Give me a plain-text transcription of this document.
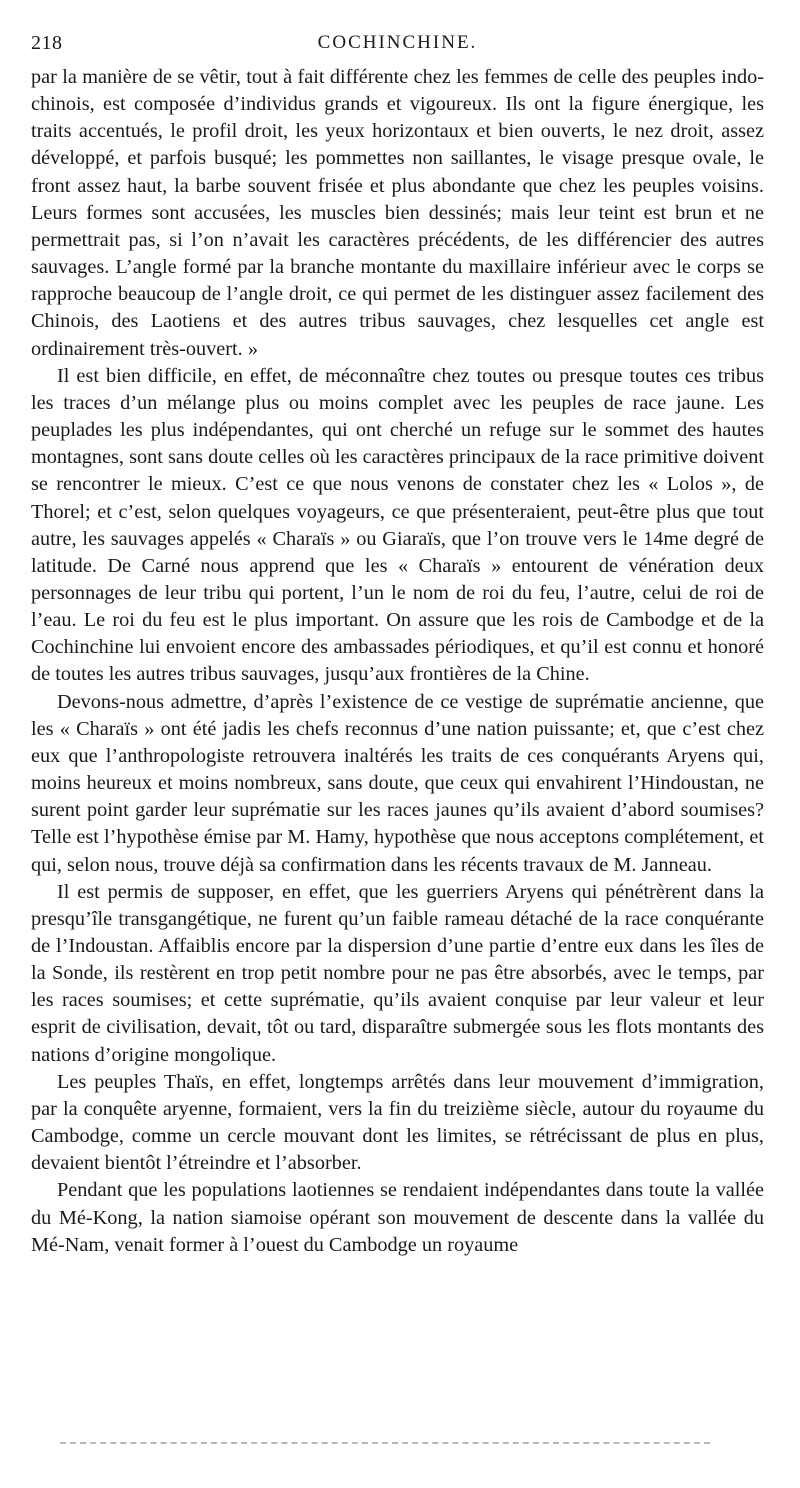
218	COCHINCHINE.

par la manière de se vêtir, tout à fait différente chez les femmes de celle des peuples indo-chinois, est composée d’individus grands et vigoureux. Ils ont la figure énergique, les traits accentués, le profil droit, les yeux horizontaux et bien ouverts, le nez droit, assez développé, et parfois busqué; les pommettes non saillantes, le visage presque ovale, le front assez haut, la barbe souvent frisée et plus abondante que chez les peuples voisins. Leurs formes sont accusées, les muscles bien dessinés; mais leur teint est brun et ne permettrait pas, si l’on n’avait les caractères précédents, de les différencier des autres sauvages. L’angle formé par la branche montante du maxillaire inférieur avec le corps se rapproche beaucoup de l’angle droit, ce qui permet de les distinguer assez facilement des Chinois, des Laotiens et des autres tribus sauvages, chez lesquelles cet angle est ordinairement très-ouvert. »

Il est bien difficile, en effet, de méconnaître chez toutes ou presque toutes ces tribus les traces d’un mélange plus ou moins complet avec les peuples de race jaune. Les peuplades les plus indépendantes, qui ont cherché un refuge sur le sommet des hautes montagnes, sont sans doute celles où les caractères principaux de la race primitive doivent se rencontrer le mieux. C’est ce que nous venons de constater chez les « Lolos », de Thorel; et c’est, selon quelques voyageurs, ce que présenteraient, peut-être plus que tout autre, les sauvages appelés « Charaïs » ou Giaraïs, que l’on trouve vers le 14me degré de latitude. De Carné nous apprend que les « Charaïs » entourent de vénération deux personnages de leur tribu qui portent, l’un le nom de roi du feu, l’autre, celui de roi de l’eau. Le roi du feu est le plus important. On assure que les rois de Cambodge et de la Cochinchine lui envoient encore des ambassades périodiques, et qu’il est connu et honoré de toutes les autres tribus sauvages, jusqu’aux frontières de la Chine.

Devons-nous admettre, d’après l’existence de ce vestige de suprématie ancienne, que les « Charaïs » ont été jadis les chefs reconnus d’une nation puissante; et, que c’est chez eux que l’anthropologiste retrouvera inaltérés les traits de ces conquérants Aryens qui, moins heureux et moins nombreux, sans doute, que ceux qui envahirent l’Hindoustan, ne surent point garder leur suprématie sur les races jaunes qu’ils avaient d’abord soumises? Telle est l’hypothèse émise par M. Hamy, hypothèse que nous acceptons complétement, et qui, selon nous, trouve déjà sa confirmation dans les récents travaux de M. Janneau.

Il est permis de supposer, en effet, que les guerriers Aryens qui pénétrèrent dans la presqu’île transgangétique, ne furent qu’un faible rameau détaché de la race conquérante de l’Indoustan. Affaiblis encore par la dispersion d’une partie d’entre eux dans les îles de la Sonde, ils restèrent en trop petit nombre pour ne pas être absorbés, avec le temps, par les races soumises; et cette suprématie, qu’ils avaient conquise par leur valeur et leur esprit de civilisation, devait, tôt ou tard, disparaître submergée sous les flots montants des nations d’origine mongolique.

Les peuples Thaïs, en effet, longtemps arrêtés dans leur mouvement d’immigration, par la conquête aryenne, formaient, vers la fin du treizième siècle, autour du royaume du Cambodge, comme un cercle mouvant dont les limites, se rétrécissant de plus en plus, devaient bientôt l’étreindre et l’absorber.

Pendant que les populations laotiennes se rendaient indépendantes dans toute la vallée du Mé-Kong, la nation siamoise opérant son mouvement de descente dans la vallée du Mé-Nam, venait former à l’ouest du Cambodge un royaume
